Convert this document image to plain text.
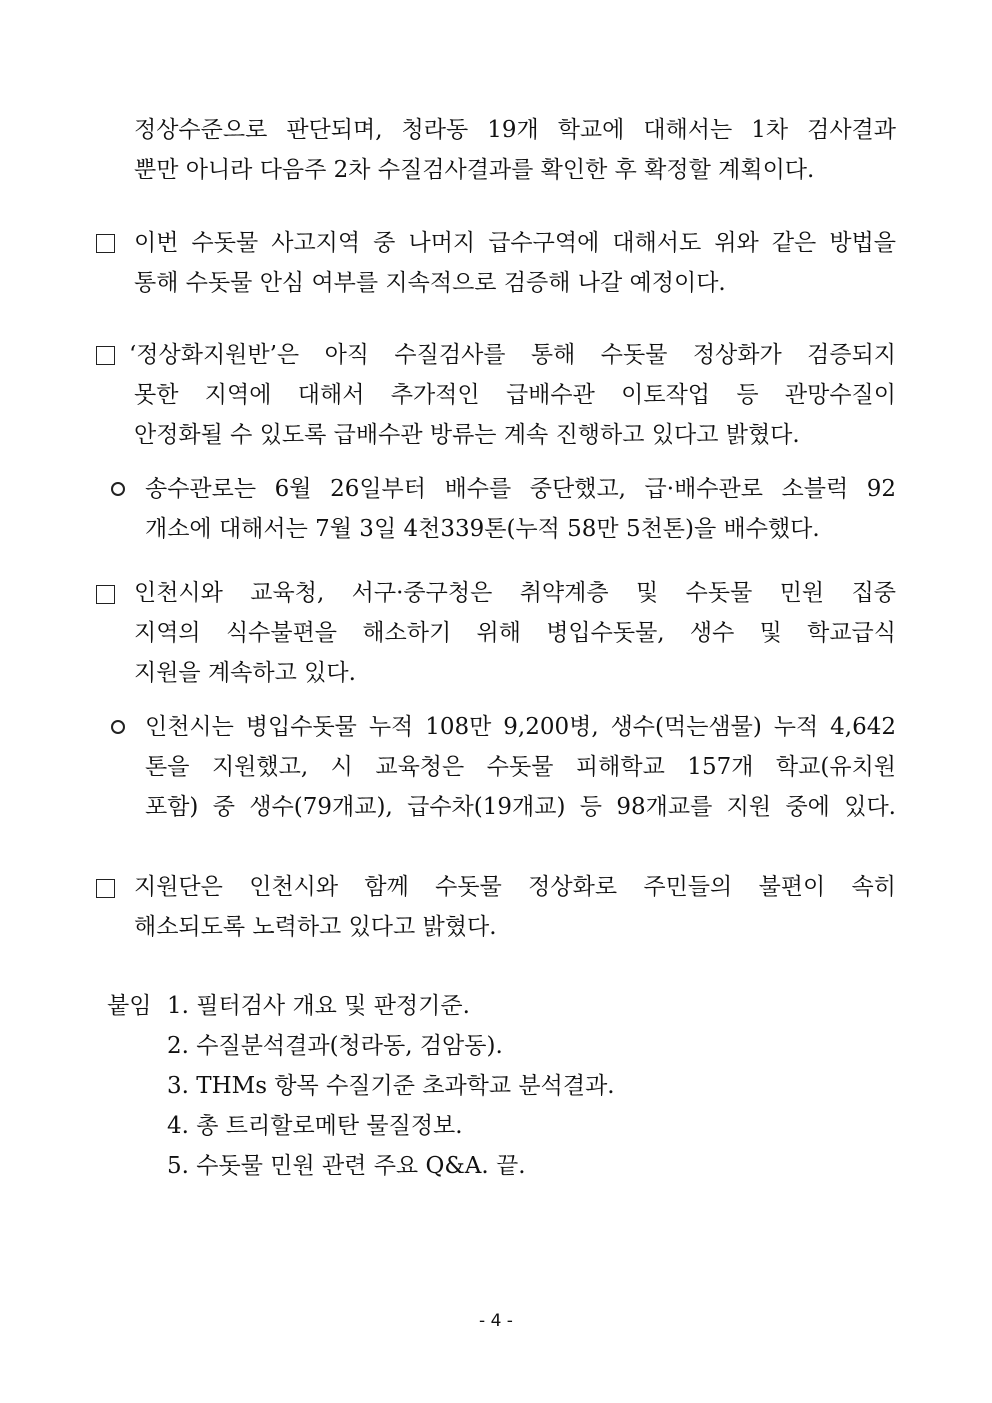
정상수준으로 판단되며, 청라동 19개 학교에 대해서는 1차 검사결과
뿐만 아니라 다음주 2차 수질검사결과를 확인한 후 확정할 계획이다.
이번 수돗물 사고지역 중 나머지 급수구역에 대해서도 위와 같은 방법을
통해 수돗물 안심 여부를 지속적으로 검증해 나갈 예정이다.
‘정상화지원반’은 아직 수질검사를 통해 수돗물 정상화가 검증되지
못한 지역에 대해서 추가적인 급배수관 이토작업 등 관망수질이
안정화될 수 있도록 급배수관 방류는 계속 진행하고 있다고 밝혔다.
송수관로는 6월 26일부터 배수를 중단했고, 급·배수관로 소블럭 92
개소에 대해서는 7월 3일 4천339톤(누적 58만 5천톤)을 배수했다.
인천시와 교육청, 서구·중구청은 취약계층 및 수돗물 민원 집중
지역의 식수불편을 해소하기 위해 병입수돗물, 생수 및 학교급식
지원을 계속하고 있다.
인천시는 병입수돗물 누적 108만 9,200병, 생수(먹는샘물) 누적 4,642
톤을 지원했고, 시 교육청은 수돗물 피해학교 157개 학교(유치원
포함) 중 생수(79개교), 급수차(19개교) 등 98개교를 지원 중에 있다.
지원단은 인천시와 함께 수돗물 정상화로 주민들의 불편이 속히
해소되도록 노력하고 있다고 밝혔다.
붙임 1. 필터검사 개요 및 판정기준.
2. 수질분석결과(청라동, 검암동).
3. THMs 항목 수질기준 초과학교 분석결과.
4. 총 트리할로메탄 물질정보.
5. 수돗물 민원 관련 주요 Q&A. 끝.
- 4 -
